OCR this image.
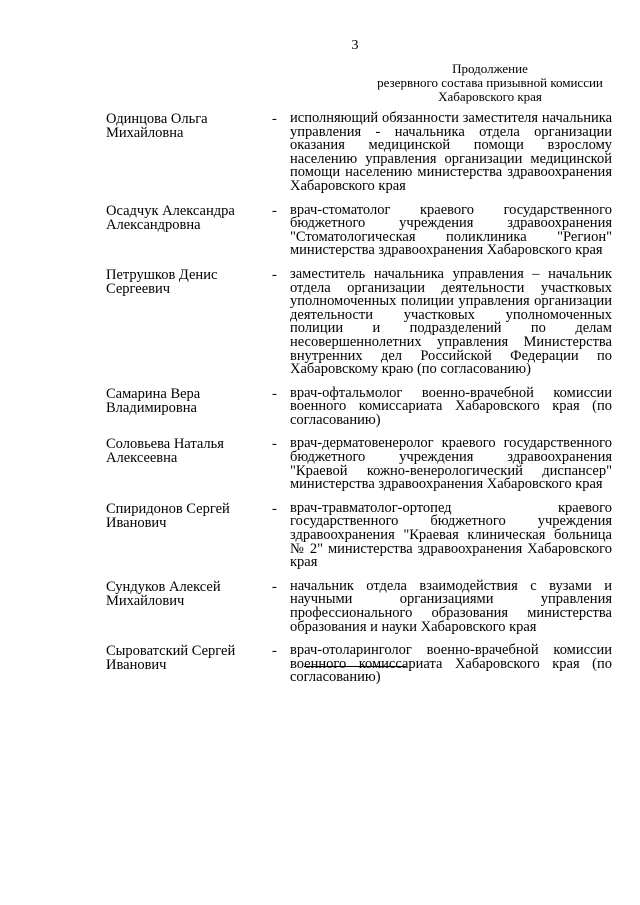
3
Продолжение
резервного состава призывной комиссии
Хабаровского края
Одинцова Ольга
Михайловна
- исполняющий обязанности заместителя начальника управления - начальника отдела организации оказания медицинской помощи взрослому населению управления организации медицинской помощи населению министерства здравоохранения Хабаровского края
Осадчук Александра
Александровна
- врач-стоматолог краевого государственного бюджетного учреждения здравоохранения "Стоматологическая поликлиника "Регион" министерства здравоохранения Хабаровского края
Петрушков Денис
Сергеевич
- заместитель начальника управления – начальник отдела организации деятельности участковых уполномоченных полиции управления организации деятельности участковых уполномоченных полиции и подразделений по делам несовершеннолетних управления Министерства внутренних дел Российской Федерации по Хабаровскому краю (по согласованию)
Самарина Вера
Владимировна
- врач-офтальмолог военно-врачебной комиссии военного комиссариата Хабаровского края (по согласованию)
Соловьева Наталья
Алексеевна
- врач-дерматовенеролог краевого государственного бюджетного учреждения здравоохранения "Краевой кожно-венерологический диспансер" министерства здравоохранения Хабаровского края
Спиридонов Сергей
Иванович
- врач-травматолог-ортопед краевого государственного бюджетного учреждения здравоохранения "Краевая клиническая больница № 2" министерства здравоохранения Хабаровского края
Сундуков Алексей
Михайлович
- начальник отдела взаимодействия с вузами и научными организациями управления профессионального образования министерства образования и науки Хабаровского края
Сыроватский Сергей
Иванович
- врач-отоларинголог военно-врачебной комиссии военного комиссариата Хабаровского края (по согласованию)
